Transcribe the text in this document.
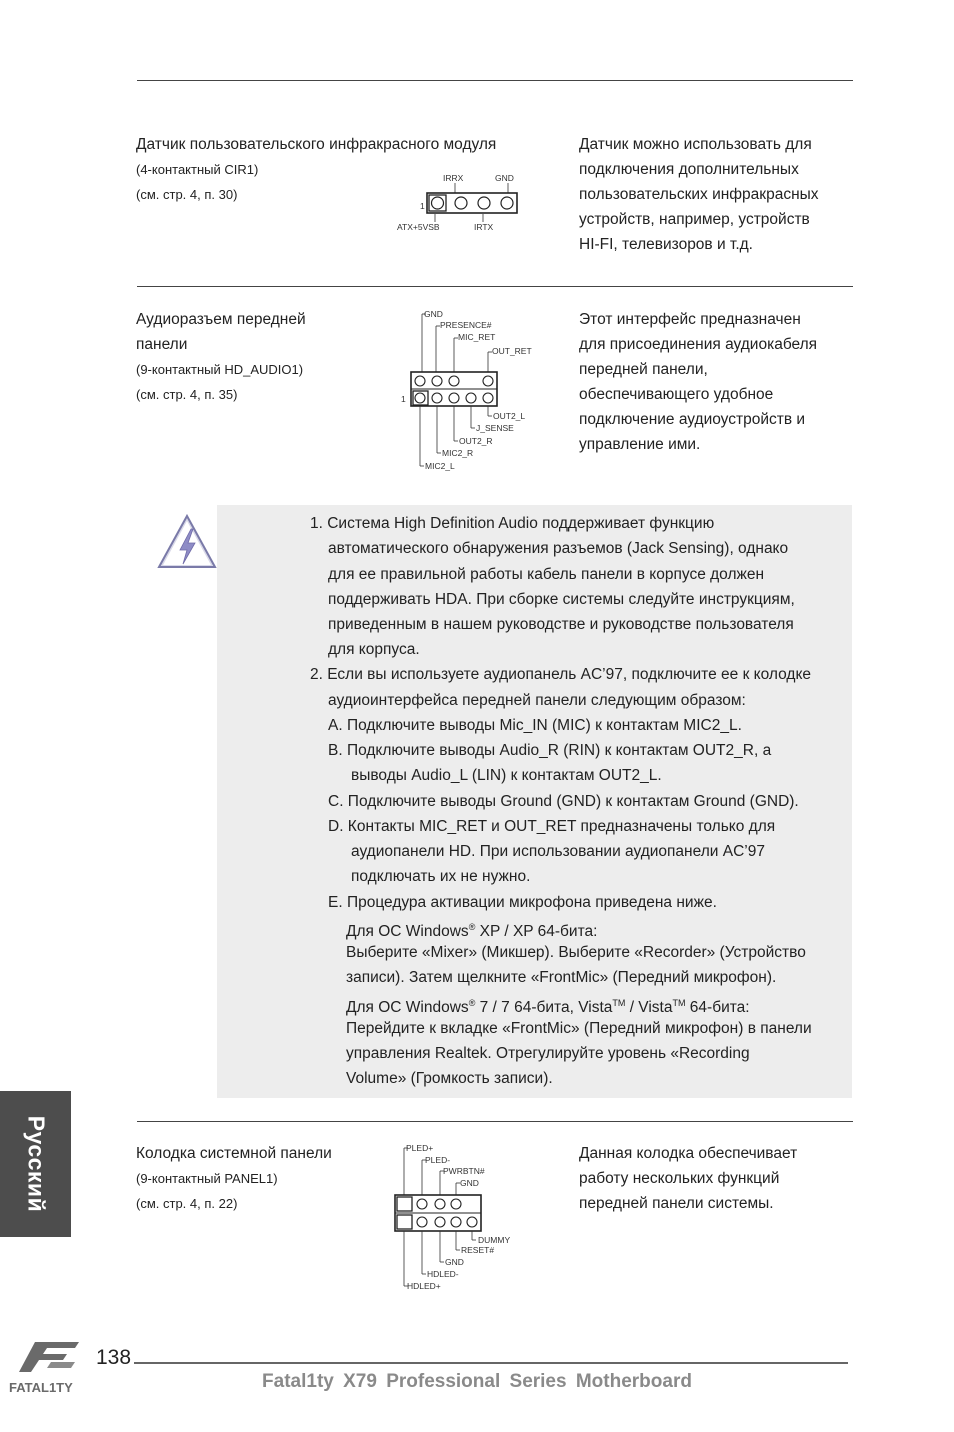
Датчик пользовательского инфракрасного модуля
(4-контактный CIR1)
(см. стр. 4, п. 30)
IRRX	GND
1
ATX+5VSB	IRTX
Датчик можно использовать для
подключения дополнительных
пользовательских инфракрасных
устройств, например, устройств
HI-FI, телевизоров и т.д.
Аудиоразъем передней
панели
(9-контактный HD_AUDIO1)
(см. стр. 4, п. 35)
GND
PRESENCE#
MIC_RET
OUT_RET
1
OUT2_L
J_SENSE
OUT2_R
MIC2_R
MIC2_L
Этот интерфейс предназначен
для присоединения аудиокабеля
передней панели,
обеспечивающего удобное
подключение аудиоустройств и
управление ими.
1. Система High Definition Audio поддерживает функцию
автоматического обнаружения разъемов (Jack Sensing), однако
для ее правильной работы кабель панели в корпусе должен
поддерживать HDA. При сборке системы следуйте инструкциям,
приведенным в нашем руководстве и руководстве пользователя
для корпуса.
2. Если вы используете аудиопанель AC’97, подключите ее к колодке
аудиоинтерфейса передней панели следующим образом:
A. Подключите выводы Mic_IN (MIC) к контактам MIC2_L.
B. Подключите выводы Audio_R (RIN) к контактам OUT2_R, а
выводы Audio_L (LIN) к контактам OUT2_L.
C. Подключите выводы Ground (GND) к контактам Ground (GND).
D. Контакты MIC_RET и OUT_RET предназначены только для
аудиопанели HD. При использовании аудиопанели AC’97
подключать их не нужно.
E. Процедура активации микрофона приведена ниже.
Для ОС Windows® XP / XP 64-бита:
Выберите «Mixer» (Микшер). Выберите «Recorder» (Устройство
записи). Затем щелкните «FrontMic» (Передний микрофон).
Для ОС Windows® 7 / 7 64-бита, Vista™ / Vista™ 64-бита:
Перейдите к вкладке «FrontMic» (Передний микрофон) в панели
управления Realtek. Отрегулируйте уровень «Recording
Volume» (Громкость записи).
Колодка системной панели
(9-контактный PANEL1)
(см. стр. 4, п. 22)
PLED+
PLED-
PWRBTN#
GND
DUMMY
RESET#
GND
HDLED-
HDLED+
Данная колодка обеспечивает
работу нескольких функций
передней панели системы.
Русский
FATAL1TY
138
Fatal1ty X79 Professional Series Motherboard
